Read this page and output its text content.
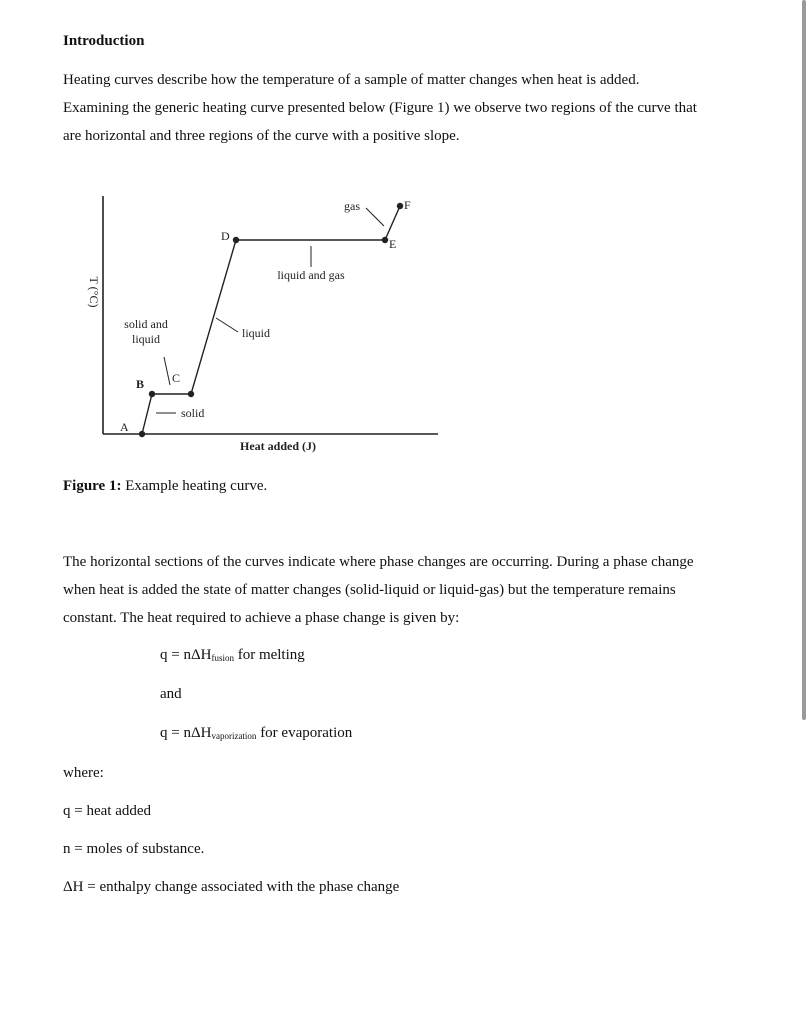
Introduction

Heating curves describe how the temperature of a sample of matter changes when heat is added.

Examining the generic heating curve presented below (Figure 1) we observe two regions of the curve that

are horizontal and three regions of the curve with a positive slope.

T (°C)
Heat added (J)
A
B C
D
E
F
solid
solid and
liquid	liquid
liquid and gas
gas
Figure 1: Example heating curve.

The horizontal sections of the curves indicate where phase changes are occurring. During a phase change

when heat is added the state of matter changes (solid-liquid or liquid-gas) but the temperature remains

constant. The heat required to achieve a phase change is given by:

q = nΔH$_{fusion}$ for melting
and
q = nΔH$_{vaporization}$ for evaporation
where:
q = heat added
n = moles of substance.
ΔH = enthalpy change associated with the phase change
